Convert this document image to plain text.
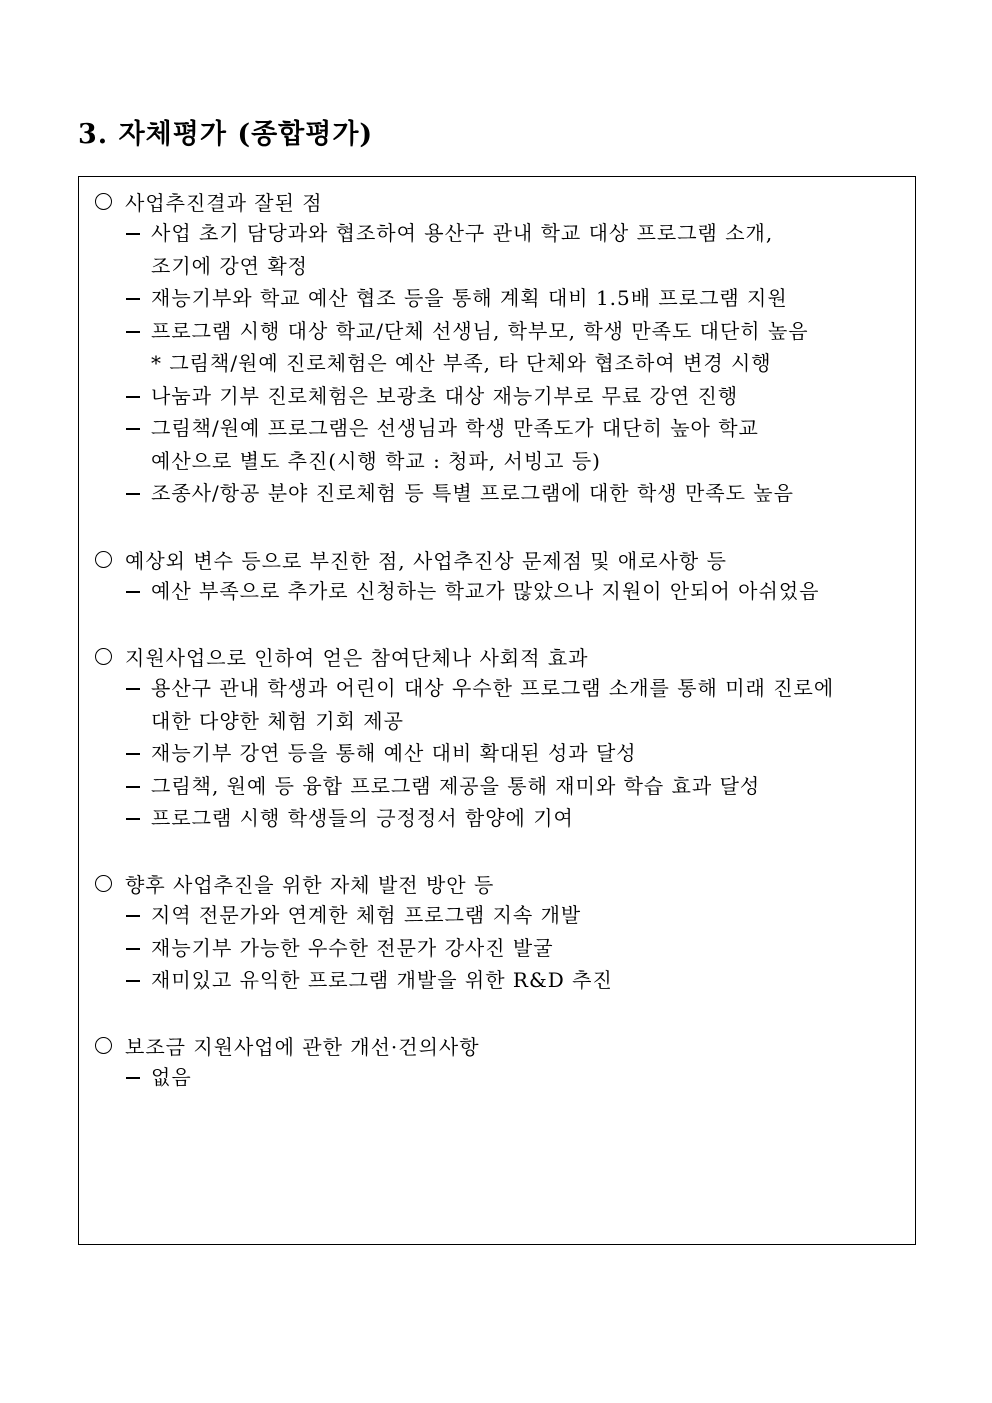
3. 자체평가 (종합평가)
사업추진결과 잘된 점
사업 초기 담당과와 협조하여 용산구 관내 학교 대상 프로그램 소개,
조기에 강연 확정
재능기부와 학교 예산 협조 등을 통해 계획 대비 1.5배 프로그램 지원
프로그램 시행 대상 학교/단체 선생님, 학부모, 학생 만족도 대단히 높음
* 그림책/원예 진로체험은 예산 부족, 타 단체와 협조하여 변경 시행
나눔과 기부 진로체험은 보광초 대상 재능기부로 무료 강연 진행
그림책/원예 프로그램은 선생님과 학생 만족도가 대단히 높아 학교
예산으로 별도 추진(시행 학교 : 청파, 서빙고 등)
조종사/항공 분야 진로체험 등 특별 프로그램에 대한 학생 만족도 높음
예상외 변수 등으로 부진한 점, 사업추진상 문제점 및 애로사항 등
예산 부족으로 추가로 신청하는 학교가 많았으나 지원이 안되어 아쉬었음
지원사업으로 인하여 얻은 참여단체나 사회적 효과
용산구 관내 학생과 어린이 대상 우수한 프로그램 소개를 통해 미래 진로에
대한 다양한 체험 기회 제공
재능기부 강연 등을 통해 예산 대비 확대된 성과 달성
그림책, 원예 등 융합 프로그램 제공을 통해 재미와 학습 효과 달성
프로그램 시행 학생들의 긍정정서 함양에 기여
향후 사업추진을 위한 자체 발전 방안 등
지역 전문가와 연계한 체험 프로그램 지속 개발
재능기부 가능한 우수한 전문가 강사진 발굴
재미있고 유익한 프로그램 개발을 위한 R&D 추진
보조금 지원사업에 관한 개선·건의사항
없음
